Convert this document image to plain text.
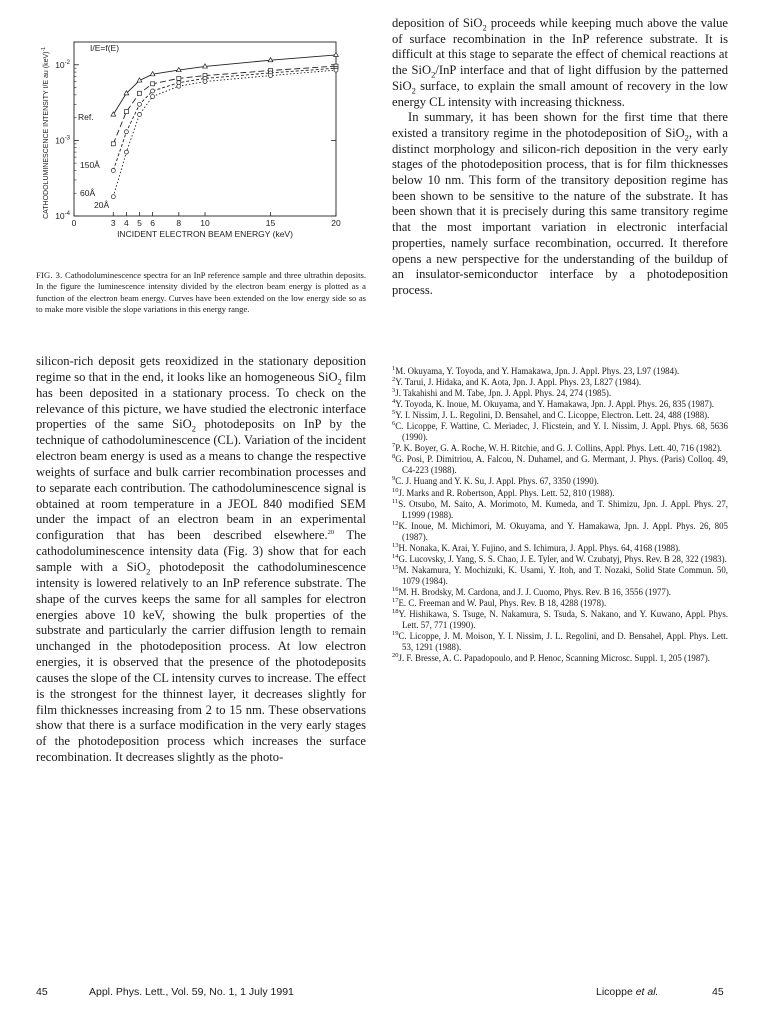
0	3 4 5 6	8 10	15	20
$10^{-2}$
$10^{-3}$
$10^{-4}$
INCIDENT ELECTRON BEAM ENERGY (keV)
CATHODOLUMINESCENCE INTENSITY I/E au (keV)$^{-1}$	I/E=f(E)
Ref.
150Å
60Å
20Å
FIG. 3. Cathodoluminescence spectra for an InP reference sample and three ultrathin deposits. In the figure the luminescence intensity divided by the electron beam energy is plotted as a function of the electron beam energy. Curves have been extended on the low energy side so as to make more visible the slope variations in this energy range.

silicon-rich deposit gets reoxidized in the stationary deposition regime so that in the end, it looks like an homogeneous SiO$_2$ film has been deposited in a stationary process. To check on the relevance of this picture, we have studied the electronic interface properties of the same SiO$_2$ photodeposits on InP by the technique of cathodoluminescence (CL). Variation of the incident electron beam energy is used as a means to change the respective weights of surface and bulk carrier recombination processes and to separate each contribution. The cathodoluminescence signal is obtained at room temperature in a JEOL 840 modified SEM under the impact of an electron beam in an experimental configuration that has been described elsewhere.$^{20}$ The cathodoluminescence intensity data (Fig. 3) show that for each sample with a SiO$_2$ photodeposit the cathodoluminescence intensity is lowered relatively to an InP reference substrate. The shape of the curves keeps the same for all samples for electron energies above 10 keV, showing the bulk properties of the substrate and particularly the carrier diffusion length to remain unchanged in the photodeposition process. At low electron energies, it is observed that the presence of the photodeposits causes the slope of the CL intensity curves to increase. The effect is the strongest for the thinnest layer, it decreases slightly for film thicknesses increasing from 2 to 15 nm. These observations show that there is a surface modification in the very early stages of the photodeposition process which increases the surface recombination. It decreases slightly as the photo-

deposition of SiO$_2$ proceeds while keeping much above the value of surface recombination in the InP reference substrate. It is difficult at this stage to separate the effect of chemical reactions at the SiO$_2$/InP interface and that of light diffusion by the patterned SiO$_2$ surface, to explain the small amount of recovery in the low energy CL intensity with increasing thickness.

In summary, it has been shown for the first time that there existed a transitory regime in the photodeposition of SiO$_2$, with a distinct morphology and silicon-rich deposition in the very early stages of the photodeposition process, that is for film thicknesses below 10 nm. This form of the transitory deposition regime has been shown to be sensitive to the nature of the substrate. It has been shown that it is precisely during this same transitory regime that the most important variation in electronic interfacial properties, namely surface recombination, occurred. It therefore opens a new perspective for the understanding of the buildup of an insulator-semiconductor interface by a photodeposition process.

$^1$M. Okuyama, Y. Toyoda, and Y. Hamakawa, Jpn. J. Appl. Phys. 23, L97 (1984).
$^2$Y. Tarui, J. Hidaka, and K. Aota, Jpn. J. Appl. Phys. 23, L827 (1984).
$^3$J. Takahishi and M. Tabe, Jpn. J. Appl. Phys. 24, 274 (1985).
$^4$Y. Toyoda, K. Inoue, M. Okuyama, and Y. Hamakawa, Jpn. J. Appl. Phys. 26, 835 (1987).
$^5$Y. I. Nissim, J. L. Regolini, D. Bensahel, and C. Licoppe, Electron. Lett. 24, 488 (1988).
$^6$C. Licoppe, F. Wattine, C. Meriadec, J. Flicstein, and Y. I. Nissim, J. Appl. Phys. 68, 5636 (1990).
$^7$P. K. Boyer, G. A. Roche, W. H. Ritchie, and G. J. Collins, Appl. Phys. Lett. 40, 716 (1982).
$^8$G. Posi, P. Dimitriou, A. Falcou, N. Duhamel, and G. Mermant, J. Phys. (Paris) Colloq. 49, C4-223 (1988).
$^9$C. J. Huang and Y. K. Su, J. Appl. Phys. 67, 3350 (1990).
$^{10}$J. Marks and R. Robertson, Appl. Phys. Lett. 52, 810 (1988).
$^{11}$S. Otsubo, M. Saito, A. Morimoto, M. Kumeda, and T. Shimizu, Jpn. J. Appl. Phys. 27, L1999 (1988).
$^{12}$K. Inoue, M. Michimori, M. Okuyama, and Y. Hamakawa, Jpn. J. Appl. Phys. 26, 805 (1987).
$^{13}$H. Nonaka, K. Arai, Y. Fujino, and S. Ichimura, J. Appl. Phys. 64, 4168 (1988).
$^{14}$G. Lucovsky, J. Yang, S. S. Chao, J. E. Tyler, and W. Czubatyj, Phys. Rev. B 28, 322 (1983).
$^{15}$M. Nakamura, Y. Mochizuki, K. Usami, Y. Itoh, and T. Nozaki, Solid State Commun. 50, 1079 (1984).
$^{16}$M. H. Brodsky, M. Cardona, and J. J. Cuomo, Phys. Rev. B 16, 3556 (1977).
$^{17}$E. C. Freeman and W. Paul, Phys. Rev. B 18, 4288 (1978).
$^{18}$Y. Hishikawa, S. Tsuge, N. Nakamura, S. Tsuda, S. Nakano, and Y. Kuwano, Appl. Phys. Lett. 57, 771 (1990).
$^{19}$C. Licoppe, J. M. Moison, Y. I. Nissim, J. L. Regolini, and D. Bensahel, Appl. Phys. Lett. 53, 1291 (1988).
$^{20}$J. F. Bresse, A. C. Papadopoulo, and P. Henoc, Scanning Microsc. Suppl. 1, 205 (1987).
45	Appl. Phys. Lett., Vol. 59, No. 1, 1 July 1991	Licoppe et al.	45
